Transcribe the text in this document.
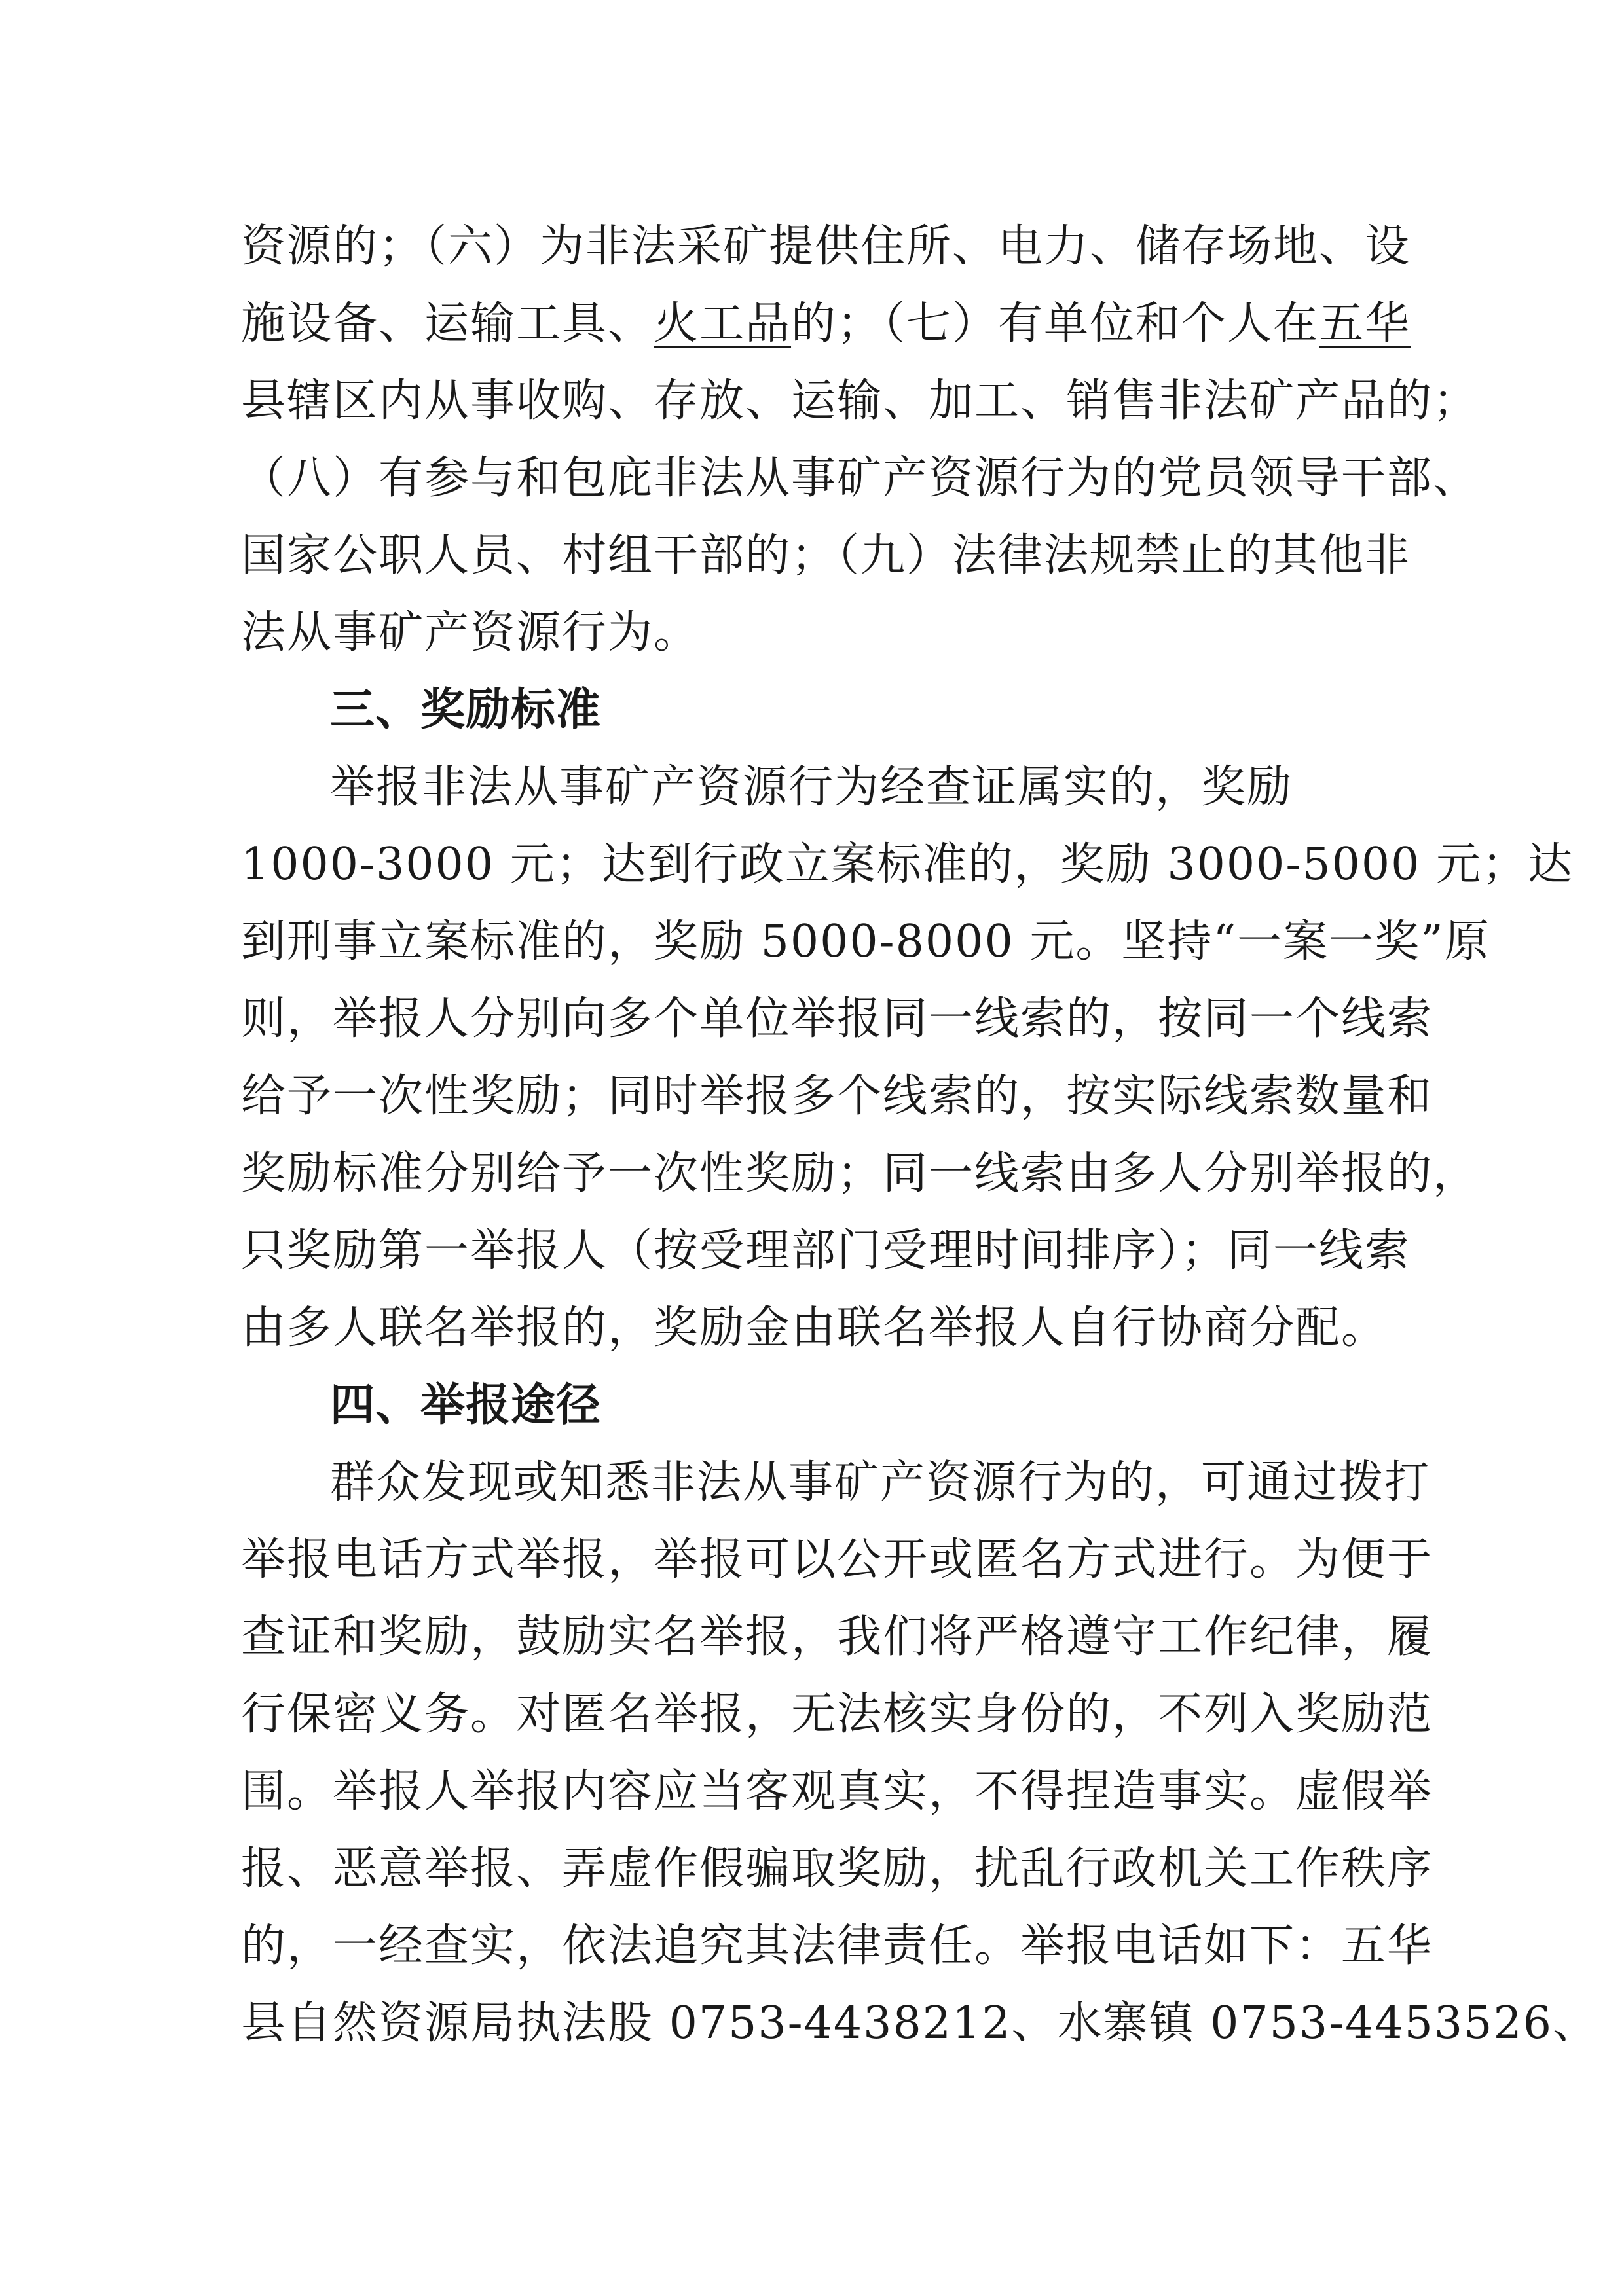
资源的；（六）为非法采矿提供住所、电力、储存场地、设
施设备、运输工具、火工品的；（七）有单位和个人在五华
县辖区内从事收购、存放、运输、加工、销售非法矿产品的；
（八）有参与和包庇非法从事矿产资源行为的党员领导干部、
国家公职人员、村组干部的；（九）法律法规禁止的其他非
法从事矿产资源行为。
三、奖励标准
举报非法从事矿产资源行为经查证属实的，奖励
1000-3000 元；达到行政立案标准的，奖励 3000-5000 元；达
到刑事立案标准的，奖励 5000-8000 元。坚持“一案一奖”原
则，举报人分别向多个单位举报同一线索的，按同一个线索
给予一次性奖励；同时举报多个线索的，按实际线索数量和
奖励标准分别给予一次性奖励；同一线索由多人分别举报的，
只奖励第一举报人（按受理部门受理时间排序）；同一线索
由多人联名举报的，奖励金由联名举报人自行协商分配。
四、举报途径
群众发现或知悉非法从事矿产资源行为的，可通过拨打
举报电话方式举报，举报可以公开或匿名方式进行。为便于
查证和奖励，鼓励实名举报，我们将严格遵守工作纪律，履
行保密义务。对匿名举报，无法核实身份的，不列入奖励范
围。举报人举报内容应当客观真实，不得捏造事实。虚假举
报、恶意举报、弄虚作假骗取奖励，扰乱行政机关工作秩序
的，一经查实，依法追究其法律责任。举报电话如下：五华
县自然资源局执法股 0753-4438212、水寨镇 0753-4453526、
